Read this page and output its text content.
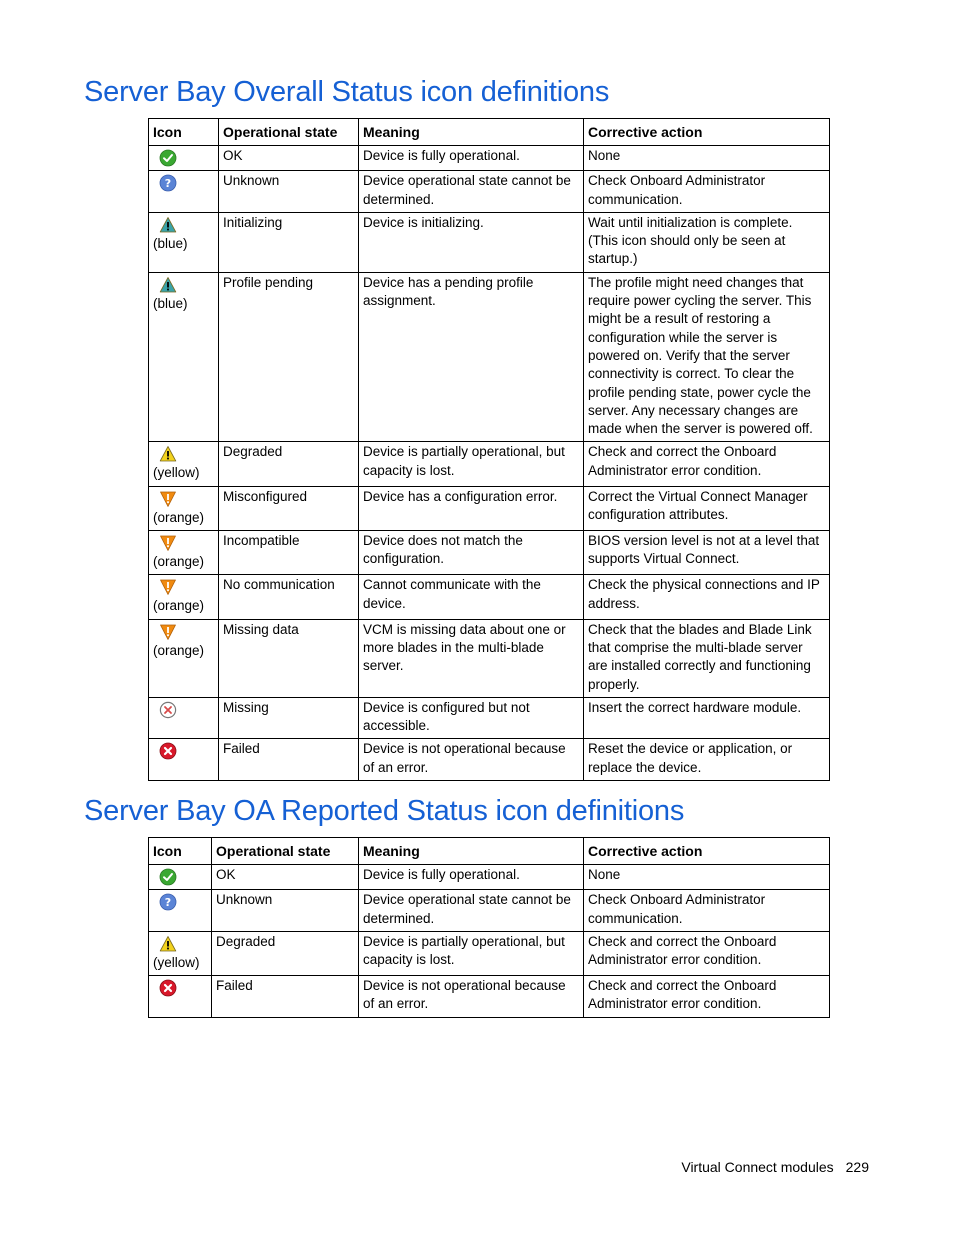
Server Bay Overall Status icon definitions
Icon	Operational state	Meaning	Corrective action

	OK	Device is fully operational.	None

?	Unknown	Device operational state cannot be determined.	Check Onboard Administrator communication.

(blue)	Initializing	Device is initializing.	Wait until initialization is complete. (This icon should only be seen at startup.)

(blue)	Profile pending	Device has a pending profile assignment.	The profile might need changes that require power cycling the server. This might be a result of restoring a configuration while the server is powered on. Verify that the server connectivity is correct. To clear the profile pending state, power cycle the server. Any necessary changes are made when the server is powered off.

(yellow)	Degraded	Device is partially operational, but capacity is lost.	Check and correct the Onboard Administrator error condition.

(orange)	Misconfigured	Device has a configuration error.	Correct the Virtual Connect Manager configuration attributes.

(orange)	Incompatible	Device does not match the configuration.	BIOS version level is not at a level that supports Virtual Connect.

(orange)	No communication	Cannot communicate with the device.	Check the physical connections and IP address.

(orange)	Missing data	VCM is missing data about one or more blades in the multi-blade server.	Check that the blades and Blade Link that comprise the multi-blade server are installed correctly and functioning properly.

	Missing	Device is configured but not accessible.	Insert the correct hardware module.

	Failed	Device is not operational because of an error.	Reset the device or application, or replace the device.
Server Bay OA Reported Status icon definitions
Icon	Operational state	Meaning	Corrective action

	OK	Device is fully operational.	None

?	Unknown	Device operational state cannot be determined.	Check Onboard Administrator communication.

(yellow)	Degraded	Device is partially operational, but capacity is lost.	Check and correct the Onboard Administrator error condition.

	Failed	Device is not operational because of an error.	Check and correct the Onboard Administrator error condition.
Virtual Connect modules 229
